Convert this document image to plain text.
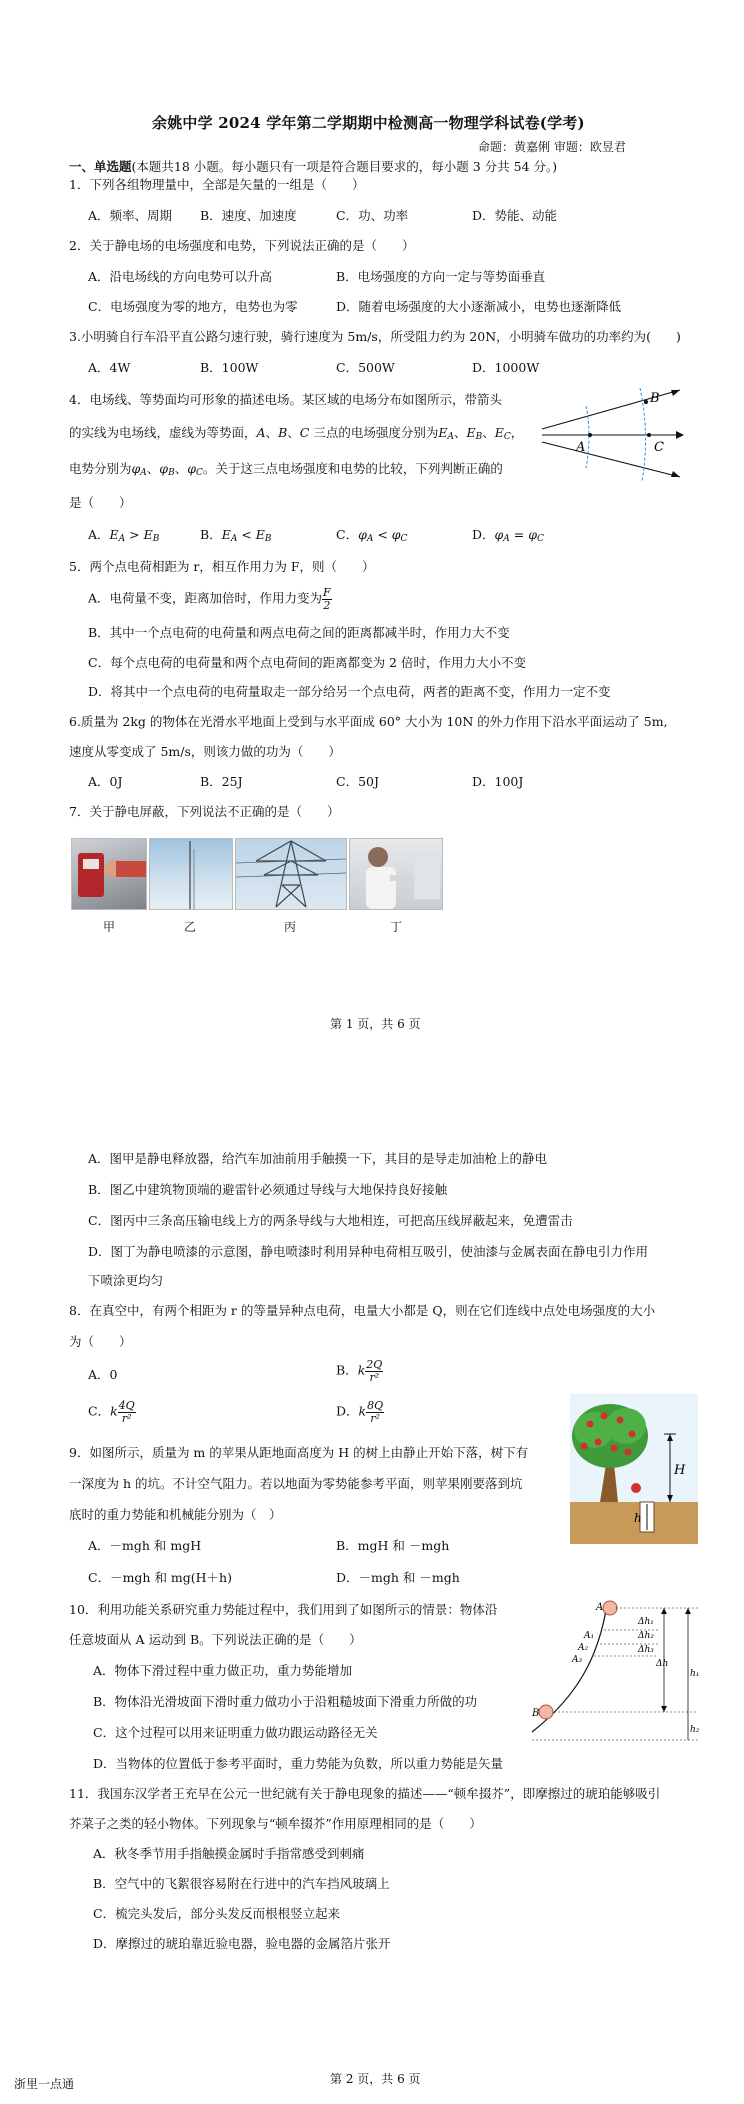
余姚中学 2024 学年第二学期期中检测高一物理学科试卷(学考)
命题：黄嘉俐 审题：欧昱君
一、单选题(本题共18 小题。每小题只有一项是符合题目要求的，每小题 3 分共 54 分。)
1．下列各组物理量中，全部是矢量的一组是（　　）
A．频率、周期 B．速度、加速度	C．功、功率	D．势能、动能
2．关于静电场的电场强度和电势，下列说法正确的是（　　）
A．沿电场线的方向电势可以升高	B．电场强度的方向一定与等势面垂直
C．电场强度为零的地方，电势也为零	D．随着电场强度的大小逐渐减小，电势也逐渐降低
3.小明骑自行车沿平直公路匀速行驶，骑行速度为 5m/s，所受阻力约为 20N，小明骑车做功的功率约为(　　)
A．4W	B．100W	C．500W	D．1000W
4．电场线、等势面均可形象的描述电场。某区域的电场分布如图所示，带箭头
的实线为电场线，虚线为等势面，A、B、C 三点的电场强度分别为$E_A$、$E_B$、$E_C$，
电势分别为$\varphi_A$、$\varphi_B$、$\varphi_C$。关于这三点电场强度和电势的比较，下列判断正确的
是（　　）
A．$E_A > E_B$	B．$E_A < E_B$	C．$\varphi_A < \varphi_C$	D．$\varphi_A = \varphi_C$
A
B
C
5．两个点电荷相距为 r，相互作用力为 F，则（　　）
A．电荷量不变，距离加倍时，作用力变为 $\frac{F}{2}$
B．其中一个点电荷的电荷量和两点电荷之间的距离都减半时，作用力大不变
C．每个点电荷的电荷量和两个点电荷间的距离都变为 2 倍时，作用力大小不变
D．将其中一个点电荷的电荷量取走一部分给另一个点电荷，两者的距离不变，作用力一定不变
6.质量为 2kg 的物体在光滑水平地面上受到与水平面成 60° 大小为 10N 的外力作用下沿水平面运动了 5m,
速度从零变成了 5m/s，则该力做的功为（　　）
A．0J	B．25J	C．50J	D．100J
7．关于静电屏蔽，下列说法不正确的是（　　）
甲	乙	丙	丁
第 1 页，共 6 页
A．图甲是静电释放器，给汽车加油前用手触摸一下，其目的是导走加油枪上的静电
B．图乙中建筑物顶端的避雷针必须通过导线与大地保持良好接触
C．图丙中三条高压输电线上方的两条导线与大地相连，可把高压线屏蔽起来，免遭雷击
D．图丁为静电喷漆的示意图，静电喷漆时利用异种电荷相互吸引，使油漆与金属表面在静电引力作用
下喷涂更均匀
8．在真空中，有两个相距为 r 的等量异种点电荷，电量大小都是 Q，则在它们连线中点处电场强度的大小
为（　　）
A．0	B．k $\frac{2Q}{\text{r²}}$
C．k $\frac{4Q}{\text{r²}}$	D．k $\frac{8Q}{\text{r²}}$
9．如图所示，质量为 m 的苹果从距地面高度为 H 的树上由静止开始下落，树下有
一深度为 h 的坑。不计空气阻力。若以地面为零势能参考平面，则苹果刚要落到坑
底时的重力势能和机械能分别为（　）
A．－mgh 和 mgH	B．mgH 和 －mgh
C．－mgh 和 mg(H＋h)	D．－mgh 和 －mgh
H
h
10．利用功能关系研究重力势能过程中，我们用到了如图所示的情景：物体沿
任意坡面从 A 运动到 B。下列说法正确的是（　　）
A．物体下滑过程中重力做正功，重力势能增加
B．物体沿光滑坡面下滑时重力做功小于沿粗糙坡面下滑重力所做的功
C．这个过程可以用来证明重力做功跟运动路径无关
D．当物体的位置低于参考平面时，重力势能为负数，所以重力势能是矢量
A
A₁
A₂
A₃
B
Δh₁
Δh₂
Δh₃
Δh
h₁
h₂
11．我国东汉学者王充早在公元一世纪就有关于静电现象的描述——“顿牟掇芥”，即摩擦过的琥珀能够吸引
芥菜子之类的轻小物体。下列现象与“顿牟掇芥”作用原理相同的是（　　）
A．秋冬季节用手指触摸金属时手指常感受到刺痛
B．空气中的飞絮很容易附在行进中的汽车挡风玻璃上
C．梳完头发后，部分头发反而根根竖立起来
D．摩擦过的琥珀靠近验电器，验电器的金属箔片张开
第 2 页，共 6 页
浙里一点通
